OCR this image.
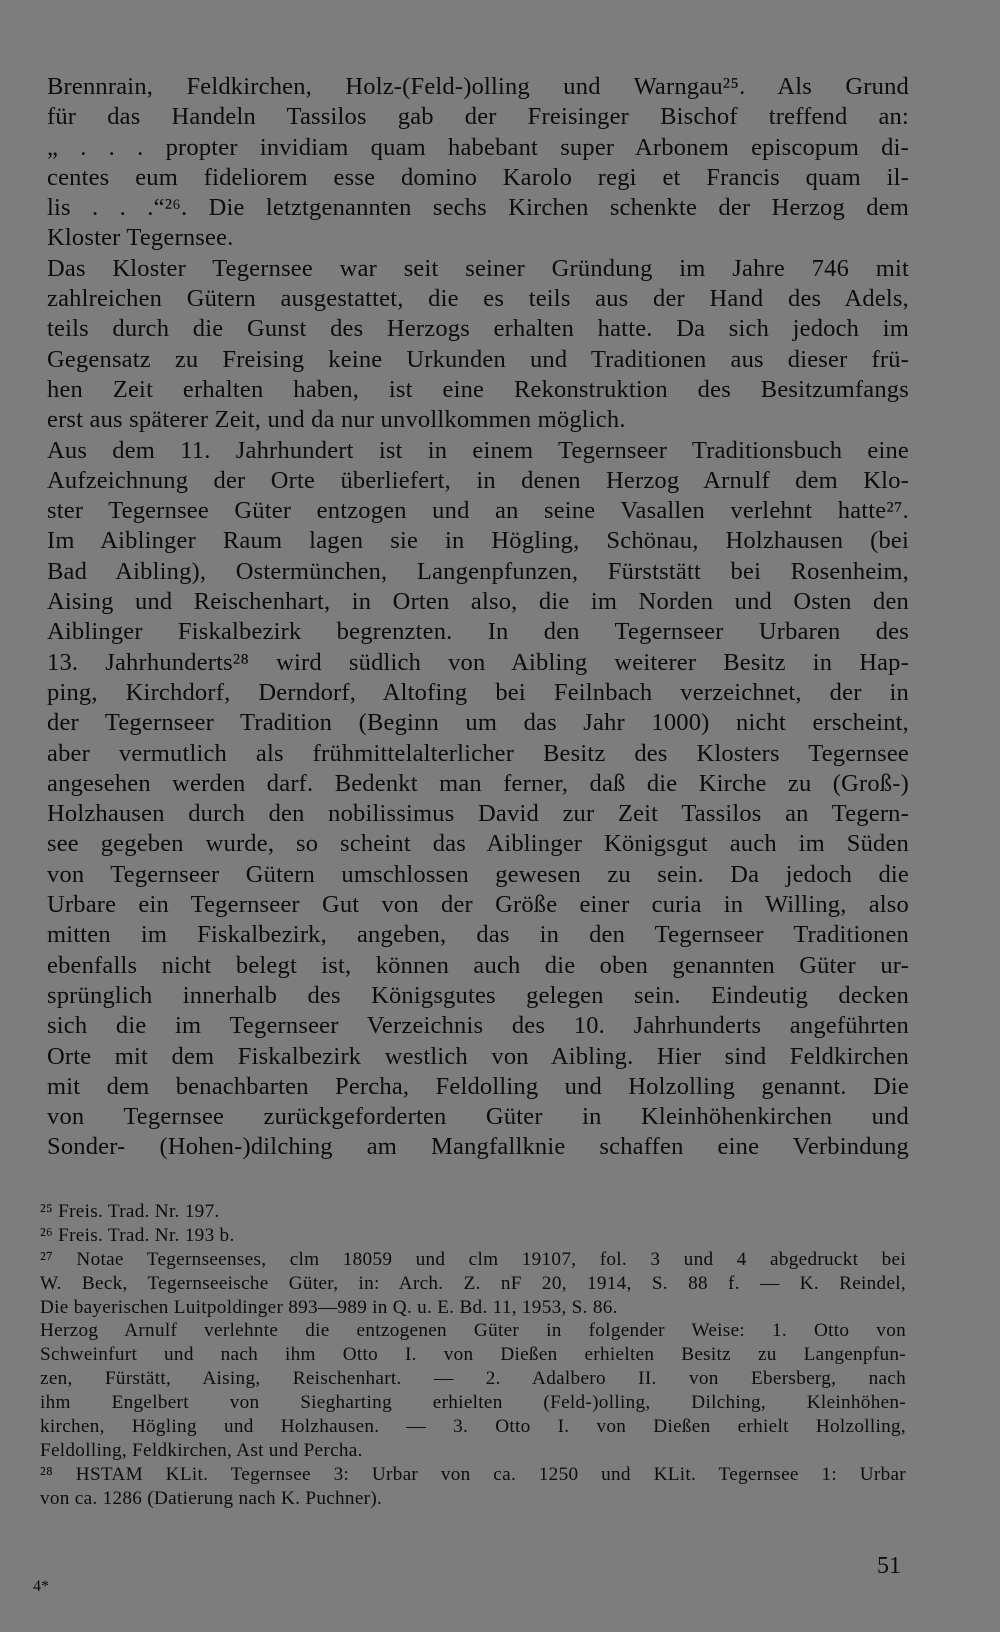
Brennrain, Feldkirchen, Holz-(Feld-)olling und Warngau²⁵. Als Grund
für das Handeln Tassilos gab der Freisinger Bischof treffend an:
„ . . . propter invidiam quam habebant super Arbonem episcopum di-
centes eum fideliorem esse domino Karolo regi et Francis quam il-
lis . . .“²⁶. Die letztgenannten sechs Kirchen schenkte der Herzog dem
Kloster Tegernsee.
Das Kloster Tegernsee war seit seiner Gründung im Jahre 746 mit
zahlreichen Gütern ausgestattet, die es teils aus der Hand des Adels,
teils durch die Gunst des Herzogs erhalten hatte. Da sich jedoch im
Gegensatz zu Freising keine Urkunden und Traditionen aus dieser frü-
hen Zeit erhalten haben, ist eine Rekonstruktion des Besitzumfangs
erst aus späterer Zeit, und da nur unvollkommen möglich.
Aus dem 11. Jahrhundert ist in einem Tegernseer Traditionsbuch eine
Aufzeichnung der Orte überliefert, in denen Herzog Arnulf dem Klo-
ster Tegernsee Güter entzogen und an seine Vasallen verlehnt hatte²⁷.
Im Aiblinger Raum lagen sie in Högling, Schönau, Holzhausen (bei
Bad Aibling), Ostermünchen, Langenpfunzen, Fürststätt bei Rosenheim,
Aising und Reischenhart, in Orten also, die im Norden und Osten den
Aiblinger Fiskalbezirk begrenzten. In den Tegernseer Urbaren des
13. Jahrhunderts²⁸ wird südlich von Aibling weiterer Besitz in Hap-
ping, Kirchdorf, Derndorf, Altofing bei Feilnbach verzeichnet, der in
der Tegernseer Tradition (Beginn um das Jahr 1000) nicht erscheint,
aber vermutlich als frühmittelalterlicher Besitz des Klosters Tegernsee
angesehen werden darf. Bedenkt man ferner, daß die Kirche zu (Groß-)
Holzhausen durch den nobilissimus David zur Zeit Tassilos an Tegern-
see gegeben wurde, so scheint das Aiblinger Königsgut auch im Süden
von Tegernseer Gütern umschlossen gewesen zu sein. Da jedoch die
Urbare ein Tegernseer Gut von der Größe einer curia in Willing, also
mitten im Fiskalbezirk, angeben, das in den Tegernseer Traditionen
ebenfalls nicht belegt ist, können auch die oben genannten Güter ur-
sprünglich innerhalb des Königsgutes gelegen sein. Eindeutig decken
sich die im Tegernseer Verzeichnis des 10. Jahrhunderts angeführten
Orte mit dem Fiskalbezirk westlich von Aibling. Hier sind Feldkirchen
mit dem benachbarten Percha, Feldolling und Holzolling genannt. Die
von Tegernsee zurückgeforderten Güter in Kleinhöhenkirchen und
Sonder- (Hohen-)dilching am Mangfallknie schaffen eine Verbindung
²⁵ Freis. Trad. Nr. 197.
²⁶ Freis. Trad. Nr. 193 b.
²⁷ Notae Tegernseenses, clm 18059 und clm 19107, fol. 3 und 4 abgedruckt bei
W. Beck, Tegernseeische Güter, in: Arch. Z. nF 20, 1914, S. 88 f. — K. Reindel,
Die bayerischen Luitpoldinger 893—989 in Q. u. E. Bd. 11, 1953, S. 86.
Herzog Arnulf verlehnte die entzogenen Güter in folgender Weise: 1. Otto von
Schweinfurt und nach ihm Otto I. von Dießen erhielten Besitz zu Langenpfun-
zen, Fürstätt, Aising, Reischenhart. — 2. Adalbero II. von Ebersberg, nach
ihm Engelbert von Siegharting erhielten (Feld-)olling, Dilching, Kleinhöhen-
kirchen, Högling und Holzhausen. — 3. Otto I. von Dießen erhielt Holzolling,
Feldolling, Feldkirchen, Ast und Percha.
²⁸ HSTAM KLit. Tegernsee 3: Urbar von ca. 1250 und KLit. Tegernsee 1: Urbar
von ca. 1286 (Datierung nach K. Puchner).
51
4*
